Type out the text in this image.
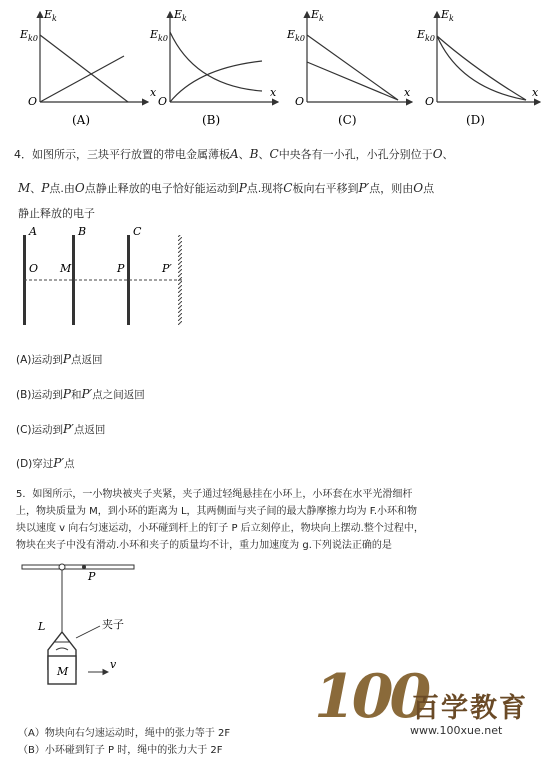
$E_k$
$E_{k0}$
O
x
(A)
$E_k$
$E_{k0}$
O
x
(B)
$E_k$
$E_{k0}$
O
x
(C)
$E_k$
$E_{k0}$
O
x
(D)
4．如图所示，三块平行放置的带电金属薄板A、B、C中央各有一小孔，小孔分别位于O、
M、P点.由O点静止释放的电子恰好能运动到P点.现将C板向右平移到P′点，则由O点
静止释放的电子
A	B	C
O M	P	P′
(A)运动到P点返回
(B)运动到P和P′点之间返回
(C)运动到P′点返回
(D)穿过P′点
5．如图所示，一小物块被夹子夹紧，夹子通过轻绳悬挂在小环上，小环套在水平光滑细杆
上，物块质量为 M，到小环的距离为 L，其两侧面与夹子间的最大静摩擦力均为 F.小环和物
块以速度 v 向右匀速运动，小环碰到杆上的钉子 P 后立刻停止，物块向上摆动.整个过程中，
物块在夹子中没有滑动.小环和夹子的质量均不计，重力加速度为 g.下列说法正确的是
P
L	夹子
M
v
（A）物块向右匀速运动时，绳中的张力等于 2F
（B）小环碰到钉子 P 时，绳中的张力大于 2F
100
百学教育
www.100xue.net
